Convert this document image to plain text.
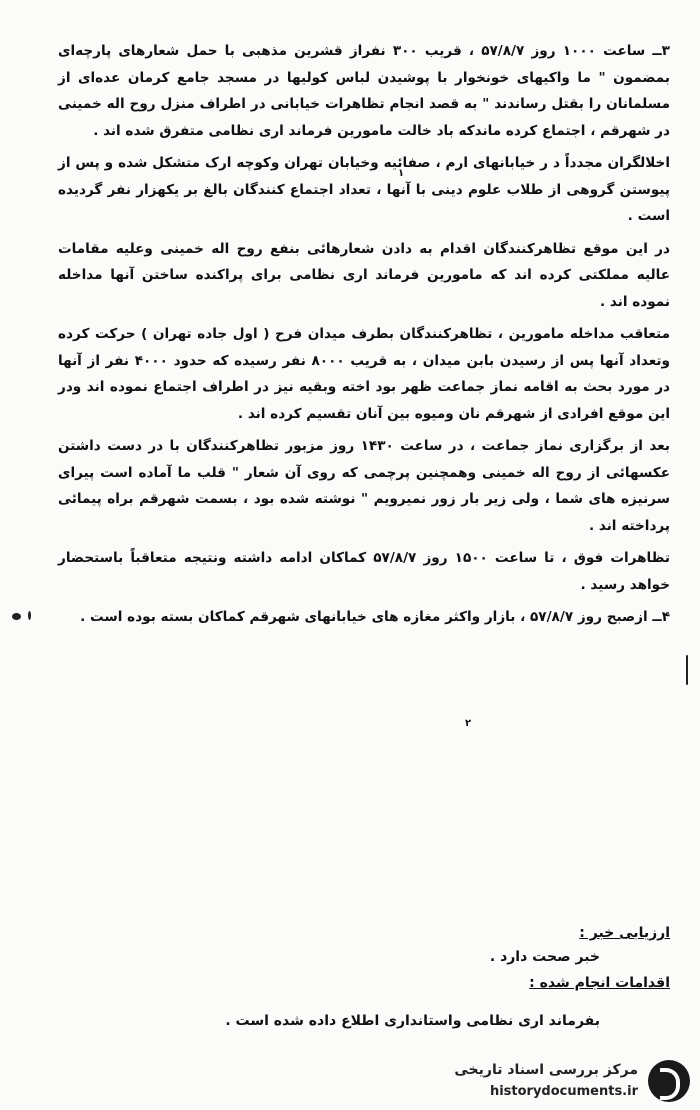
۳ــ ساعت ۱۰۰۰ روز ۵۷/۸/۷ ، قریب ۳۰۰ نفراز قشرین مذهبی با حمل شعارهای پارچه‌ای بمضمون " ما واکیهای خونخوار با پوشیدن لباس کولیها در مسجد جامع کرمان عده‌ای از مسلمانان را بقتل رساندند " به قصد انجام تظاهرات خیابانی در اطراف منزل روح اله خمینی در شهرقم ، اجتماع کرده ماندکه باد خالت مامورین فرماند اری‌ نظامی متفرق شده اند .

اخلالگران مجدداً د ر خیابانهای ارم ، صفائیه وخیابان تهران وکوچه ارک متشکل شده و پس از پیوستن گروهی از طلاب علوم دینی با آنها ، تعداد اجتماع کنندگان بالغ بر یکهزار نفر گردیده است .

در این موقع تظاهرکنندگان اقدام به دادن شعارهائی بنفع روح اله خمینی وعلیه مقامات عالیه مملکتی کرده اند که مامورین فرماند اری نظامی برای پراکنده ساختن آنها مداخله نموده اند .

متعاقب مداخله مامورین ، تظاهرکنندگان بطرف میدان فرح ( اول جاده تهران ) حرکت کرده وتعداد آنها پس از رسیدن بابن میدان ، به قریب ۸۰۰۰ نفر رسیده که حدود ۴۰۰۰ نفر از آنها در مورد بحث به اقامه نماز جماعت ظهر بود اخته وبقیه نیز در اطراف اجتماع نموده اند ودر این موقع افرادی از شهرقم نان وميوه بین آنان تقسیم کرده اند .

بعد از برگزاری نماز جماعت ، در ساعت ۱۴۳۰ روز مزبور تظاهرکنندگان با در دست داشتن عکسهائی از روح اله خمینی وهمچنین پرچمی که روی آن شعار " قلب ما آماده است پیرای سرنیزه های شما ، ولی زیر بار زور نمیرویم " نوشته شده بود ، بسمت شهرقم براه پیمائی پرداخته اند .

تظاهرات فوق ، تا ساعت ۱۵۰۰ روز ۵۷/۸/۷ کماکان ادامه داشته ونتیجه متعاقباً باستحضار خواهد رسید .

۴ــ ازصبح روز ۵۷/۸/۷ ، بازار واکثر مغازه های خیابانهای شهرقم کماکان بسته بوده است .

۱
۲
ارزیابی خبر :
خبر صحت دارد .
اقدامات انجام شده :
بفرماند اری نظامی واستانداری اطلاع داده شده است .
مرکز بررسی اسناد تاریخی
historydocuments.ir
